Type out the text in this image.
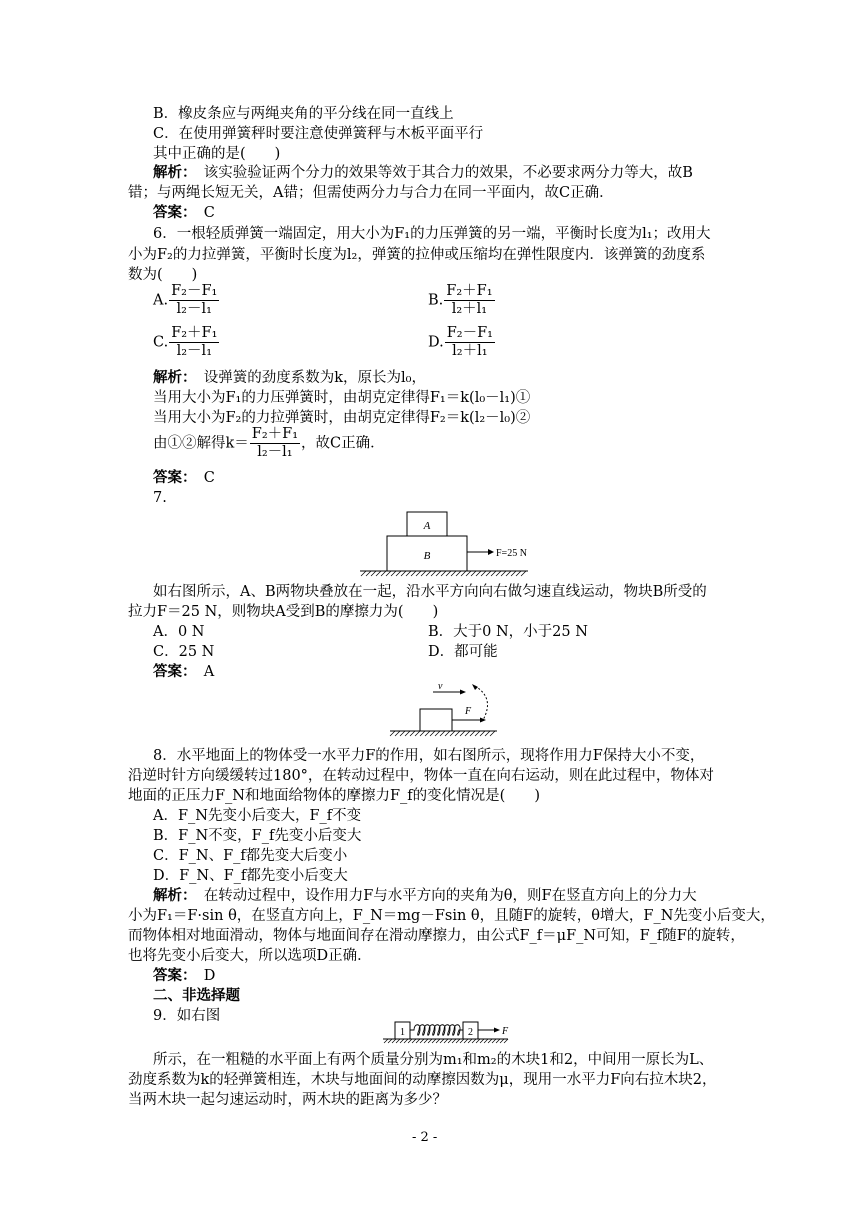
B．橡皮条应与两绳夹角的平分线在同一直线上
C．在使用弹簧秤时要注意使弹簧秤与木板平面平行
其中正确的是(　　)
解析：　该实验验证两个分力的效果等效于其合力的效果，不必要求两分力等大，故B
错；与两绳长短无关，A错；但需使两分力与合力在同一平面内，故C正确．
答案：　C
6．一根轻质弹簧一端固定，用大小为F₁的力压弹簧的另一端，平衡时长度为l₁；改用大
小为F₂的力拉弹簧，平衡时长度为l₂，弹簧的拉伸或压缩均在弹性限度内．该弹簧的劲度系
数为(　　)
A. $\frac{\text{F₂－F₁}}{\text{l₂－l₁}}$	B. $\frac{\text{F₂＋F₁}}{\text{l₂＋l₁}}$
C. $\frac{\text{F₂＋F₁}}{\text{l₂－l₁}}$	D. $\frac{\text{F₂－F₁}}{\text{l₂＋l₁}}$
解析：　设弹簧的劲度系数为k，原长为l₀，
当用大小为F₁的力压弹簧时，由胡克定律得F₁＝k(l₀－l₁)①
当用大小为F₂的力拉弹簧时，由胡克定律得F₂＝k(l₂－l₀)②
由①②解得$k= \frac{\text{F₂＋F₁}}{\text{l₂－l₁}}$ ，故C正确．
答案：　C
7.
A
B	F=25 N
如右图所示，A、B两物块叠放在一起，沿水平方向向右做匀速直线运动，物块B所受的
拉力F＝25 N，则物块A受到B的摩擦力为(　　)
A．0 N	B．大于0 N，小于25 N
C．25 N	D．都可能
答案：　A
v
F
8．水平地面上的物体受一水平力F的作用，如右图所示，现将作用力F保持大小不变，
沿逆时针方向缓缓转过180°，在转动过程中，物体一直在向右运动，则在此过程中，物体对
地面的正压力F_N和地面给物体的摩擦力F_f的变化情况是(　　)
A．F_N先变小后变大，F_f不变
B．F_N不变，F_f先变小后变大
C．F_N、F_f都先变大后变小
D．F_N、F_f都先变小后变大
解析：　在转动过程中，设作用力F与水平方向的夹角为θ，则F在竖直方向上的分力大
小为F₁＝F·sin θ，在竖直方向上，F_N＝mg－Fsin θ，且随F的旋转，θ增大，F_N先变小后变大，
而物体相对地面滑动，物体与地面间存在滑动摩擦力，由公式F_f＝μF_N可知，F_f随F的旋转，
也将先变小后变大，所以选项D正确．
答案：　D
二、非选择题
9．如右图
1	2	F
所示，在一粗糙的水平面上有两个质量分别为m₁和m₂的木块1和2，中间用一原长为L、
劲度系数为k的轻弹簧相连，木块与地面间的动摩擦因数为μ，现用一水平力F向右拉木块2，
当两木块一起匀速运动时，两木块的距离为多少？
- 2 -
